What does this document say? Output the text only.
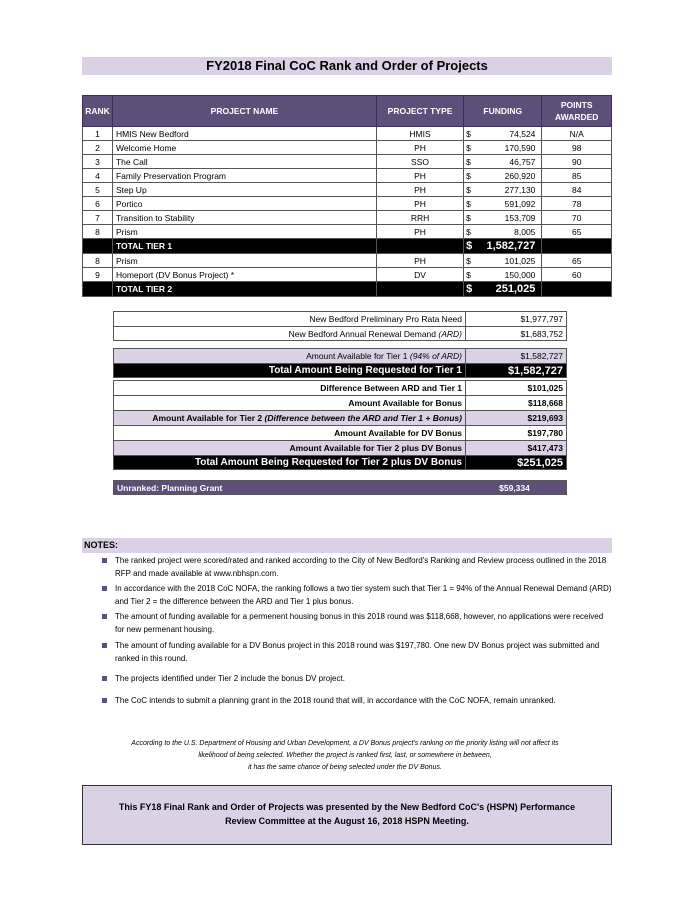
FY2018 Final CoC Rank and Order of Projects
RANK	PROJECT NAME	PROJECT TYPE	FUNDING		POINTS AWARDED
1	HMIS New Bedford	HMIS	$	74,524	N/A
2	Welcome Home	PH	$	170,590	98
3	The Call	SSO	$	46,757	90
4	Family Preservation Program	PH	$	260,920	85
5	Step Up	PH	$	277,130	84
6	Portico	PH	$	591,092	78
7	Transition to Stability	RRH	$	153,709	70
8	Prism	PH	$	8,005	65
	TOTAL TIER 1		$	1,582,727	
8	Prism	PH	$	101,025	65
9	Homeport (DV Bonus Project) *	DV	$	150,000	60
	TOTAL TIER 2		$	251,025	
New Bedford Preliminary Pro Rata Need	$1,977,797
New Bedford Annual Renewal Demand (ARD)	$1,683,752
Amount Available for Tier 1 (94% of ARD)	$1,582,727
Total Amount Being Requested for Tier 1	$1,582,727
Difference Between ARD and Tier 1	$101,025
Amount Available for Bonus	$118,668
Amount Available for Tier 2 (Difference between the ARD and Tier 1 + Bonus)	$219,693
Amount Available for DV Bonus	$197,780
Amount Available for Tier 2 plus DV Bonus	$417,473
Total Amount Being Requested for Tier 2 plus DV Bonus	$251,025
Unranked: Planning Grant	$59,334
NOTES:
The ranked project were scored/rated and ranked according to the City of New Bedford's Ranking and Review process outlined in the 2018 RFP and made available at www.nbhspn.com.
In accordance with the 2018 CoC NOFA, the ranking follows a two tier system such that Tier 1 = 94% of the Annual Renewal Demand (ARD) and Tier 2 = the difference between the ARD and Tier 1 plus bonus.
The amount of funding available for a permenent housing bonus in this 2018 round was $118,668, however, no applications were received for new permenant housing.
The amount of funding available for a DV Bonus project in this 2018 round was $197,780. One new DV Bonus project was submitted and ranked in this round.
The projects identified under Tier 2 include the bonus DV project.
The CoC intends to submit a planning grant in the 2018 round that will, in accordance with the CoC NOFA, remain unranked.
According to the U.S. Department of Housing and Urban Development, a DV Bonus project's ranking on the priority listing will not affect its
likelihood of being selected. Whether the project is ranked first, last, or somewhere in between,
it has the same chance of being selected under the DV Bonus.
This FY18 Final Rank and Order of Projects was presented by the New Bedford CoC's (HSPN) Performance Review Committee at the August 16, 2018 HSPN Meeting.
